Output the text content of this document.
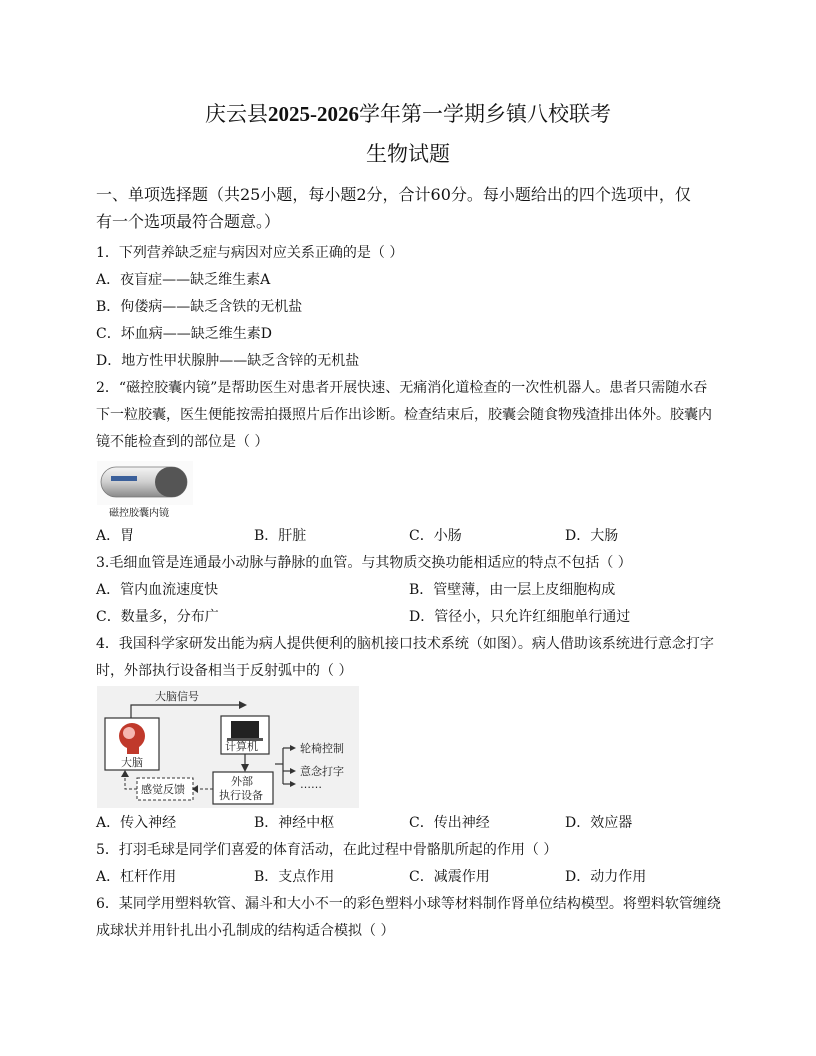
庆云县2025-2026学年第一学期乡镇八校联考
生物试题
一、单项选择题（共25小题，每小题2分，合计60分。每小题给出的四个选项中，仅
有一个选项最符合题意。）
1．下列营养缺乏症与病因对应关系正确的是（ ）
A．夜盲症——缺乏维生素A
B．佝偻病——缺乏含铁的无机盐
C．坏血病——缺乏维生素D
D．地方性甲状腺肿——缺乏含锌的无机盐
2．“磁控胶囊内镜”是帮助医生对患者开展快速、无痛消化道检查的一次性机器人。患者只需随水吞
下一粒胶囊，医生便能按需拍摄照片后作出诊断。检查结束后，胶囊会随食物残渣排出体外。胶囊内
镜不能检查到的部位是（ ）
磁控胶囊内镜
A．胃	B．肝脏	C．小肠	D．大肠
3.毛细血管是连通最小动脉与静脉的血管。与其物质交换功能相适应的特点不包括（ ）
A．管内血流速度快	B．管壁薄，由一层上皮细胞构成
C．数量多，分布广	D．管径小，只允许红细胞单行通过
4．我国科学家研发出能为病人提供便利的脑机接口技术系统（如图）。病人借助该系统进行意念打字
时，外部执行设备相当于反射弧中的（ ）
大脑信号
大脑
计算机
外部
执行设备
轮椅控制
意念打字
……
感觉反馈
A．传入神经	B．神经中枢	C．传出神经	D．效应器
5．打羽毛球是同学们喜爱的体育活动，在此过程中骨骼肌所起的作用（ ）
A．杠杆作用	B．支点作用	C．减震作用	D．动力作用
6．某同学用塑料软管、漏斗和大小不一的彩色塑料小球等材料制作肾单位结构模型。将塑料软管缠绕
成球状并用针扎出小孔制成的结构适合模拟（ ）
